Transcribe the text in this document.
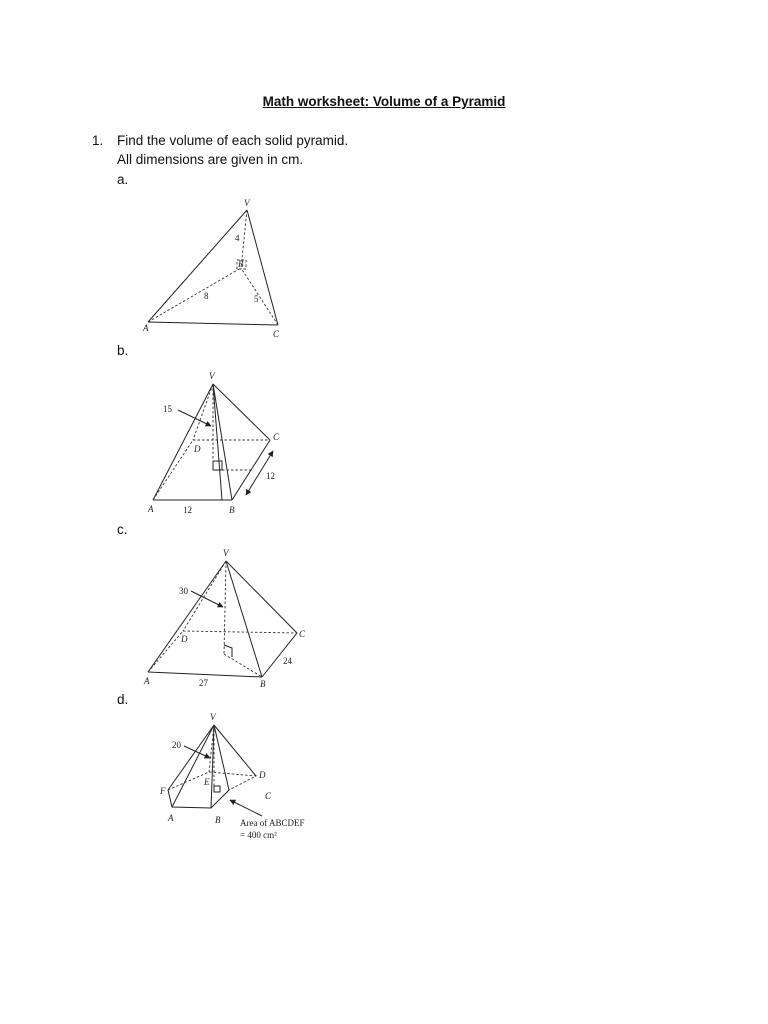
Math worksheet: Volume of a Pyramid
1. Find the volume of each solid pyramid.
All dimensions are given in cm.
a.
b.
c.
d.
V
A
C
B
4
8	5
V
A	B
C
D
15
12
12
V
A	B
C
D
30
27
24
V
A	B
C
D
E
F
20
Area of ABCDEF
= 400 cm²
